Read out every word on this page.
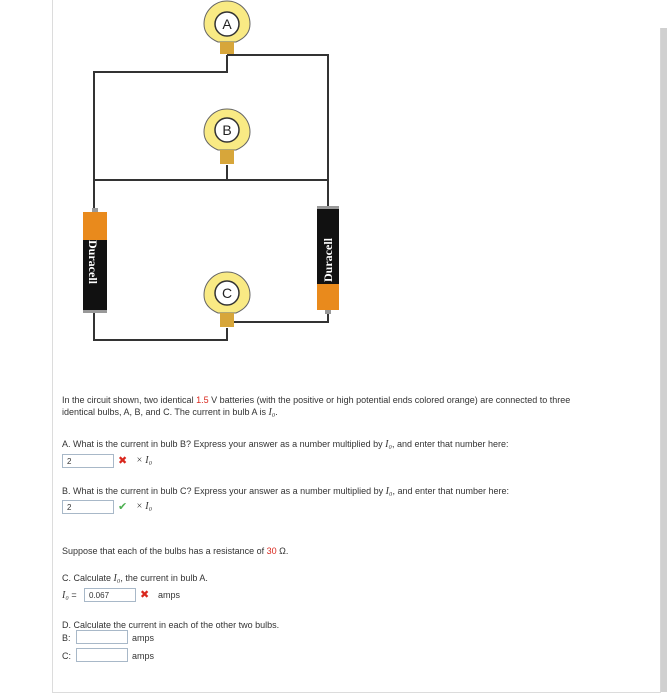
Duracell	Duracell
A
B
C
In the circuit shown, two identical 1.5 V batteries (with the positive or high potential ends colored orange) are connected to three
identical bulbs, A, B, and C. The current in bulb A is I₀.
A. What is the current in bulb B? Express your answer as a number multiplied by I₀, and enter that number here:
2	✖ × I₀
B. What is the current in bulb C? Express your answer as a number multiplied by I₀, and enter that number here:
2	✔ × I₀
Suppose that each of the bulbs has a resistance of 30 Ω.
C. Calculate I₀, the current in bulb A.
I₀ =	0.067	✖ amps
D. Calculate the current in each of the other two bulbs.
B:	amps
C:	amps
